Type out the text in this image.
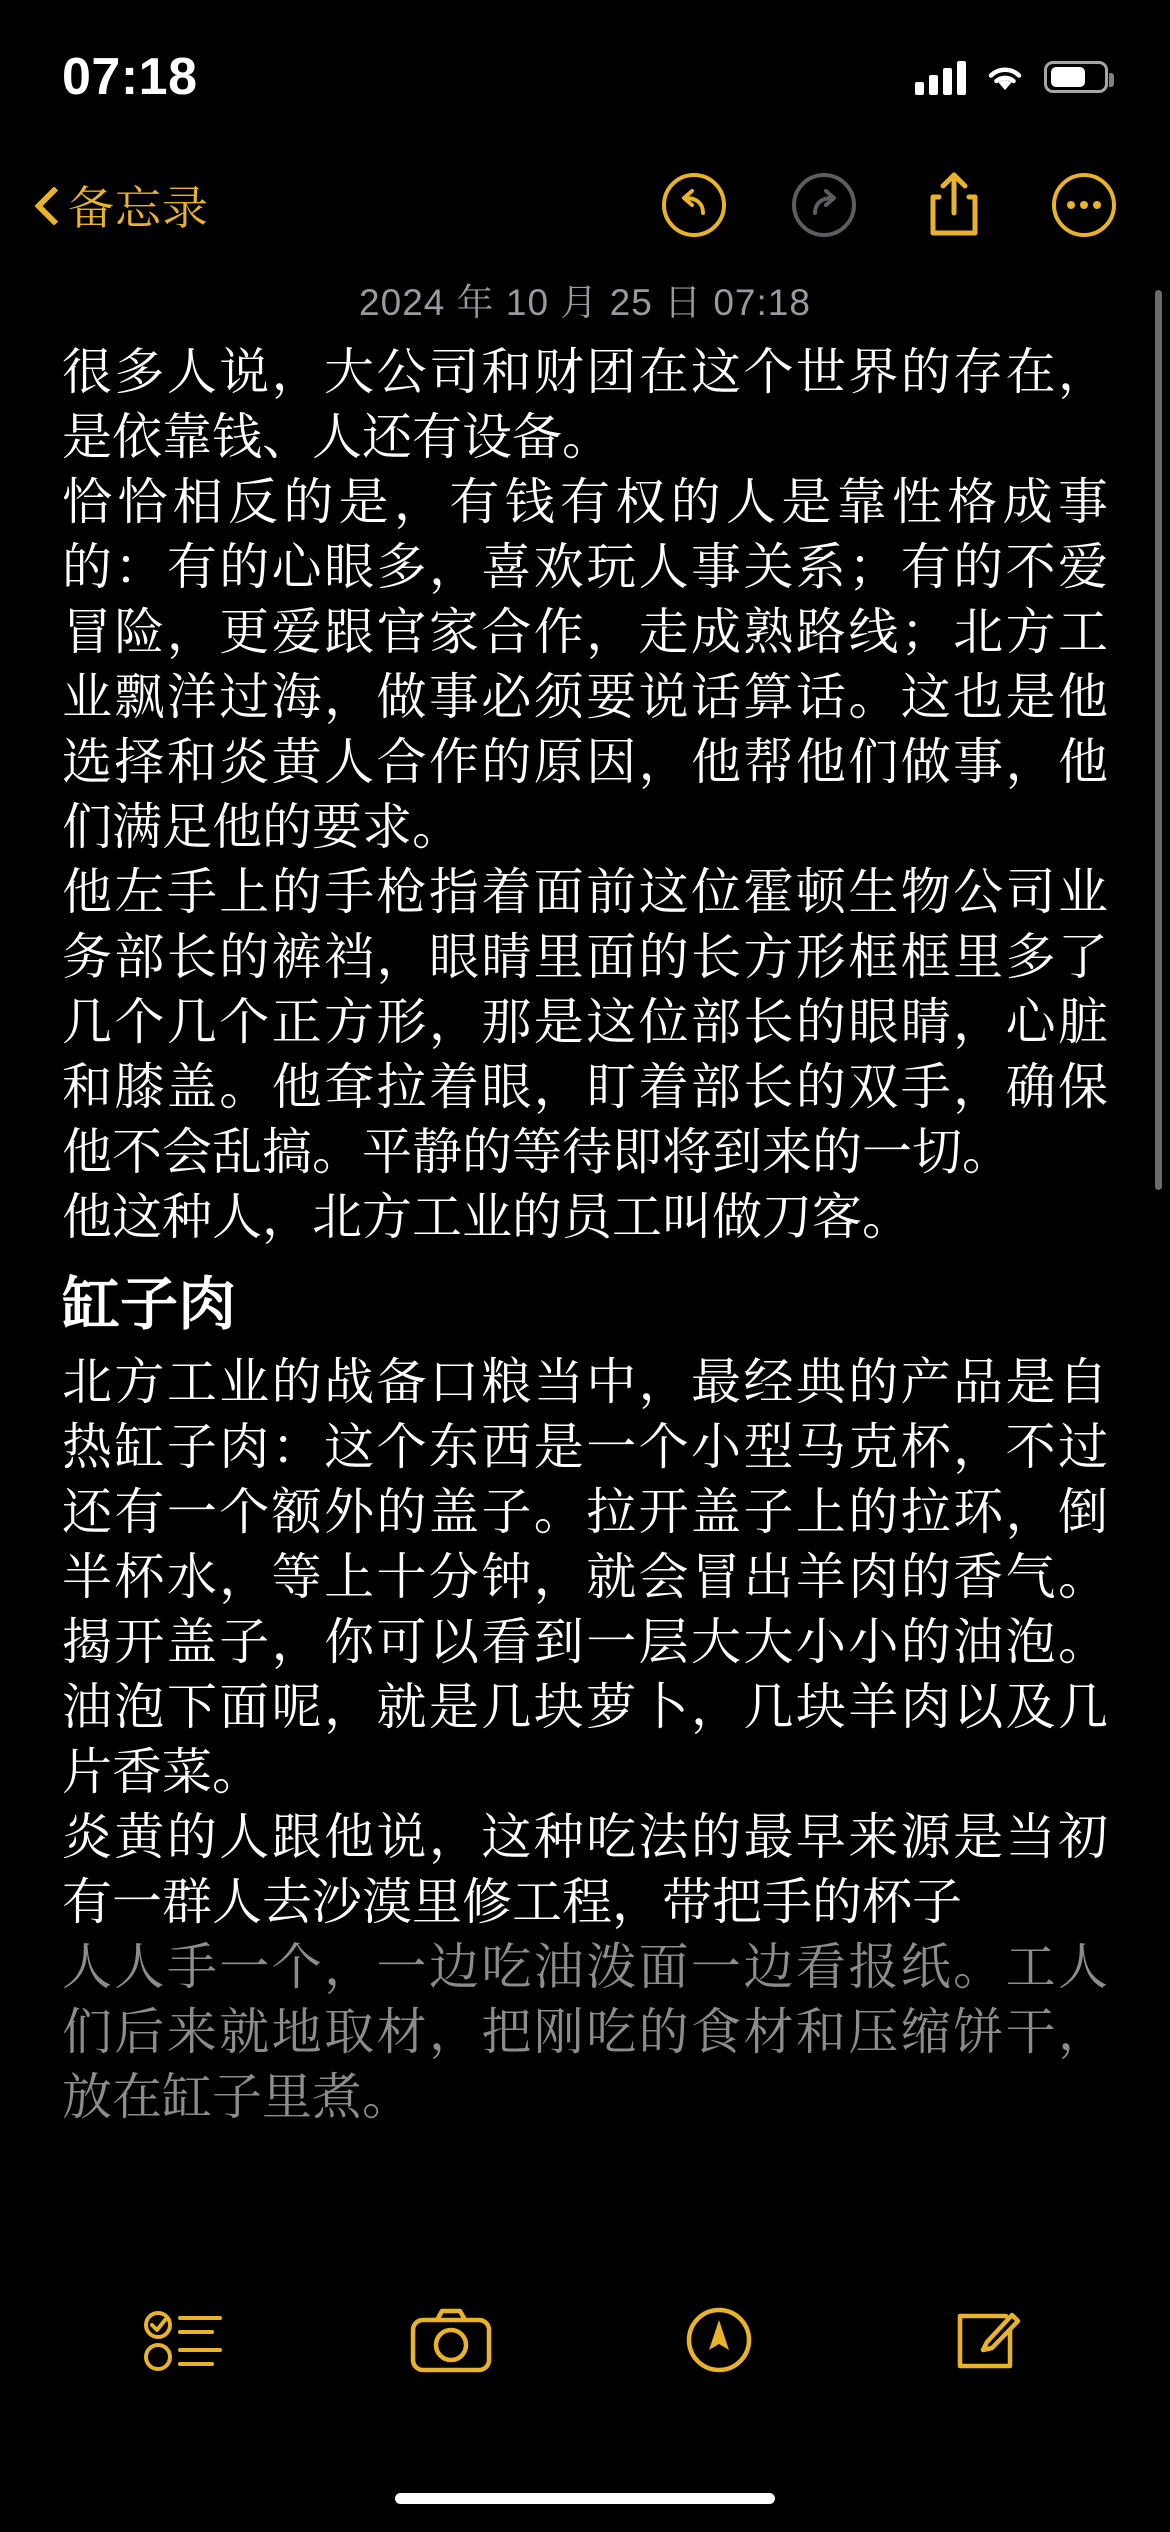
07:18
备忘录
2024 年 10 月 25 日 07:18

很多人说，大公司和财团在这个世界的存在，是依靠钱、人还有设备。

恰恰相反的是，有钱有权的人是靠性格成事的：有的心眼多，喜欢玩人事关系；有的不爱冒险，更爱跟官家合作，走成熟路线；北方工业飘洋过海，做事必须要说话算话。这也是他选择和炎黄人合作的原因，他帮他们做事，他们满足他的要求。

他左手上的手枪指着面前这位霍顿生物公司业务部长的裤裆，眼睛里面的长方形框框里多了几个几个正方形，那是这位部长的眼睛，心脏和膝盖。他耷拉着眼，盯着部长的双手，确保他不会乱搞。平静的等待即将到来的一切。

他这种人，北方工业的员工叫做刀客。

缸子肉

北方工业的战备口粮当中，最经典的产品是自热缸子肉：这个东西是一个小型马克杯，不过还有一个额外的盖子。拉开盖子上的拉环，倒半杯水，等上十分钟，就会冒出羊肉的香气。揭开盖子，你可以看到一层大大小小的油泡。油泡下面呢，就是几块萝卜，几块羊肉以及几片香菜。

炎黄的人跟他说，这种吃法的最早来源是当初有一群人去沙漠里修工程，带把手的杯子

人人手一个，一边吃油泼面一边看报纸。工人们后来就地取材，把刚吃的食材和压缩饼干，放在缸子里煮。
